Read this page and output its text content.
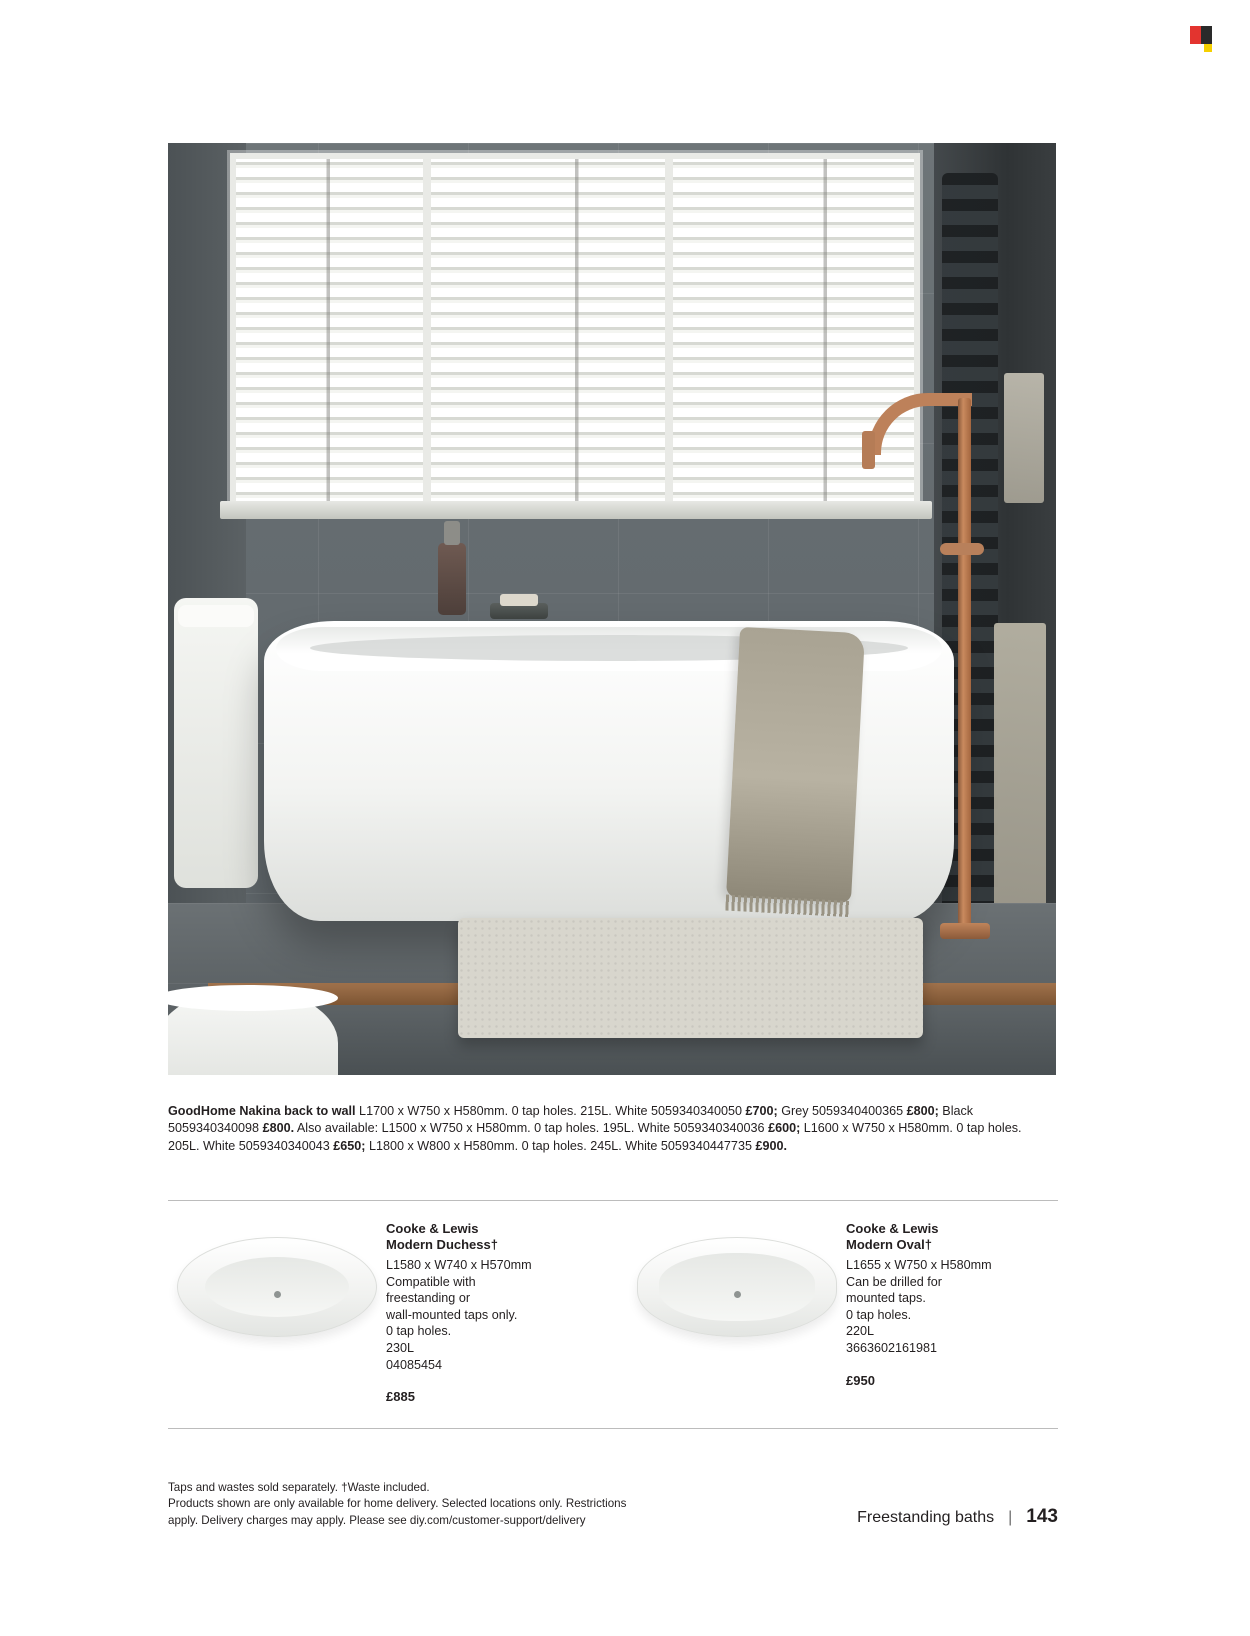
GoodHome Nakina back to wall L1700 x W750 x H580mm. 0 tap holes. 215L. White 5059340340050 £700; Grey 5059340400365 £800; Black 5059340340098 £800. Also available: L1500 x W750 x H580mm. 0 tap holes. 195L. White 5059340340036 £600; L1600 x W750 x H580mm. 0 tap holes. 205L. White 5059340340043 £650; L1800 x W800 x H580mm. 0 tap holes. 245L. White 5059340447735 £900.

Cooke & Lewis
Modern Duchess†
L1580 x W740 x H570mm
Compatible with
freestanding or
wall-mounted taps only.
0 tap holes.
230L
04085454
£885
Cooke & Lewis
Modern Oval†
L1655 x W750 x H580mm
Can be drilled for
mounted taps.
0 tap holes.
220L
3663602161981
£950
Taps and wastes sold separately. †Waste included.
Products shown are only available for home delivery. Selected locations only. Restrictions
apply. Delivery charges may apply. Please see diy.com/customer-support/delivery	Freestanding baths | 143
